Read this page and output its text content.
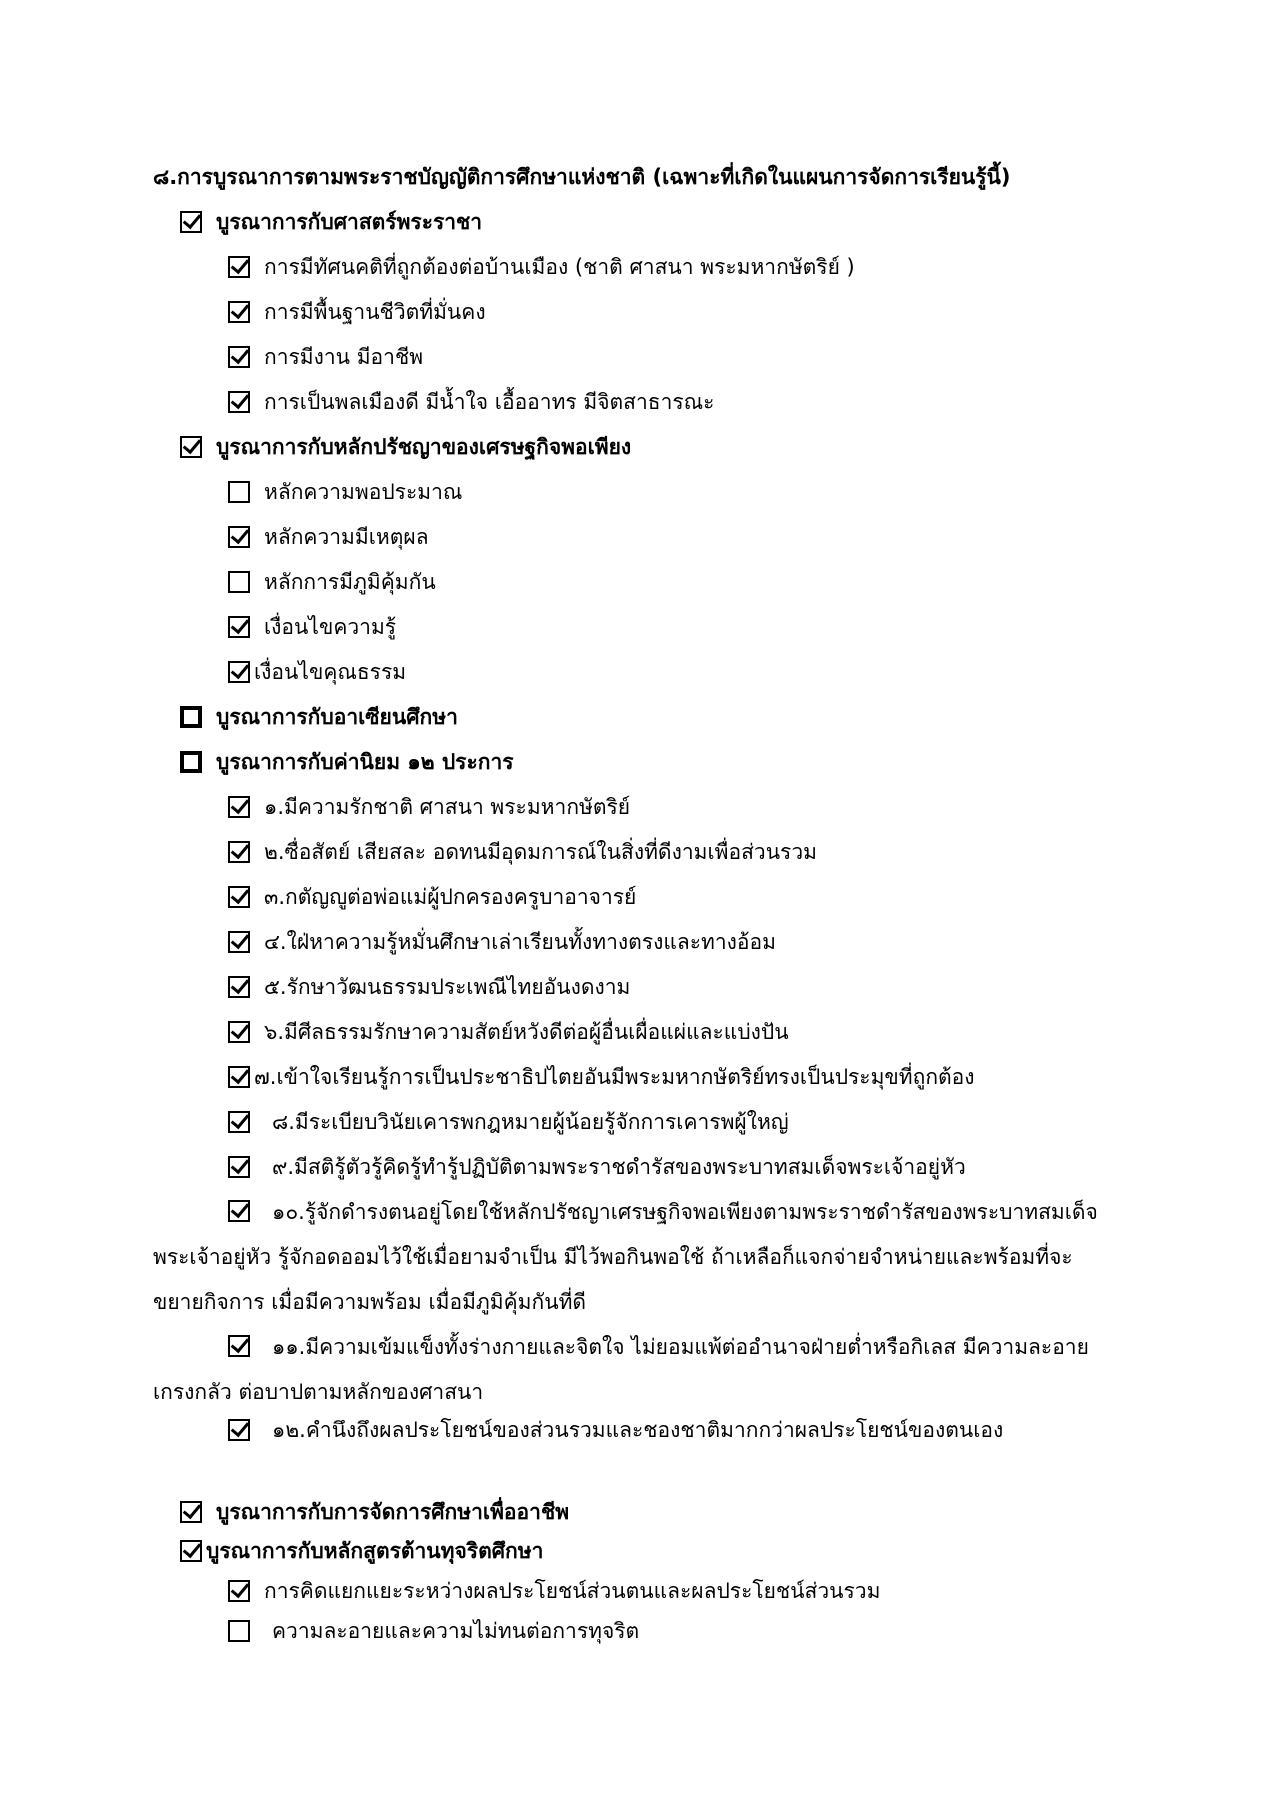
๘.การบูรณาการตามพระราชบัญญัติการศึกษาแห่งชาติ (เฉพาะที่เกิดในแผนการจัดการเรียนรู้นี้)
บูรณาการกับศาสตร์พระราชา
การมีทัศนคติที่ถูกต้องต่อบ้านเมือง (ชาติ ศาสนา พระมหากษัตริย์ )
การมีพื้นฐานชีวิตที่มั่นคง
การมีงาน มีอาชีพ
การเป็นพลเมืองดี มีน้ำใจ เอื้ออาทร มีจิตสาธารณะ
บูรณาการกับหลักปรัชญาของเศรษฐกิจพอเพียง
หลักความพอประมาณ
หลักความมีเหตุผล
หลักการมีภูมิคุ้มกัน
เงื่อนไขความรู้
เงื่อนไขคุณธรรม
บูรณาการกับอาเซียนศึกษา
บูรณาการกับค่านิยม ๑๒ ประการ
๑.มีความรักชาติ ศาสนา พระมหากษัตริย์
๒.ซื่อสัตย์ เสียสละ อดทนมีอุดมการณ์ในสิ่งที่ดีงามเพื่อส่วนรวม
๓.กตัญญูต่อพ่อแม่ผู้ปกครองครูบาอาจารย์
๔.ใฝ่หาความรู้หมั่นศึกษาเล่าเรียนทั้งทางตรงและทางอ้อม
๕.รักษาวัฒนธรรมประเพณีไทยอันงดงาม
๖.มีศีลธรรมรักษาความสัตย์หวังดีต่อผู้อื่นเผื่อแผ่และแบ่งปัน
๗.เข้าใจเรียนรู้การเป็นประชาธิปไตยอันมีพระมหากษัตริย์ทรงเป็นประมุขที่ถูกต้อง
๘.มีระเบียบวินัยเคารพกฎหมายผู้น้อยรู้จักการเคารพผู้ใหญ่
๙.มีสติรู้ตัวรู้คิดรู้ทำรู้ปฏิบัติตามพระราชดำรัสของพระบาทสมเด็จพระเจ้าอยู่หัว
๑๐.รู้จักดำรงตนอยู่โดยใช้หลักปรัชญาเศรษฐกิจพอเพียงตามพระราชดำรัสของพระบาทสมเด็จพระเจ้าอยู่หัว รู้จักอดออมไว้ใช้เมื่อยามจำเป็น มีไว้พอกินพอใช้ ถ้าเหลือก็แจกจ่ายจำหน่ายและพร้อมที่จะขยายกิจการ เมื่อมีความพร้อม เมื่อมีภูมิคุ้มกันที่ดี
๑๑.มีความเข้มแข็งทั้งร่างกายและจิตใจ ไม่ยอมแพ้ต่ออำนาจฝ่ายต่ำหรือกิเลส มีความละอายเกรงกลัว ต่อบาปตามหลักของศาสนา
๑๒.คำนึงถึงผลประโยชน์ของส่วนรวมและชองชาติมากกว่าผลประโยชน์ของตนเอง
บูรณาการกับการจัดการศึกษาเพื่ออาชีพ
บูรณาการกับหลักสูตรต้านทุจริตศึกษา
การคิดแยกแยะระหว่างผลประโยชน์ส่วนตนและผลประโยชน์ส่วนรวม
ความละอายและความไม่ทนต่อการทุจริต
